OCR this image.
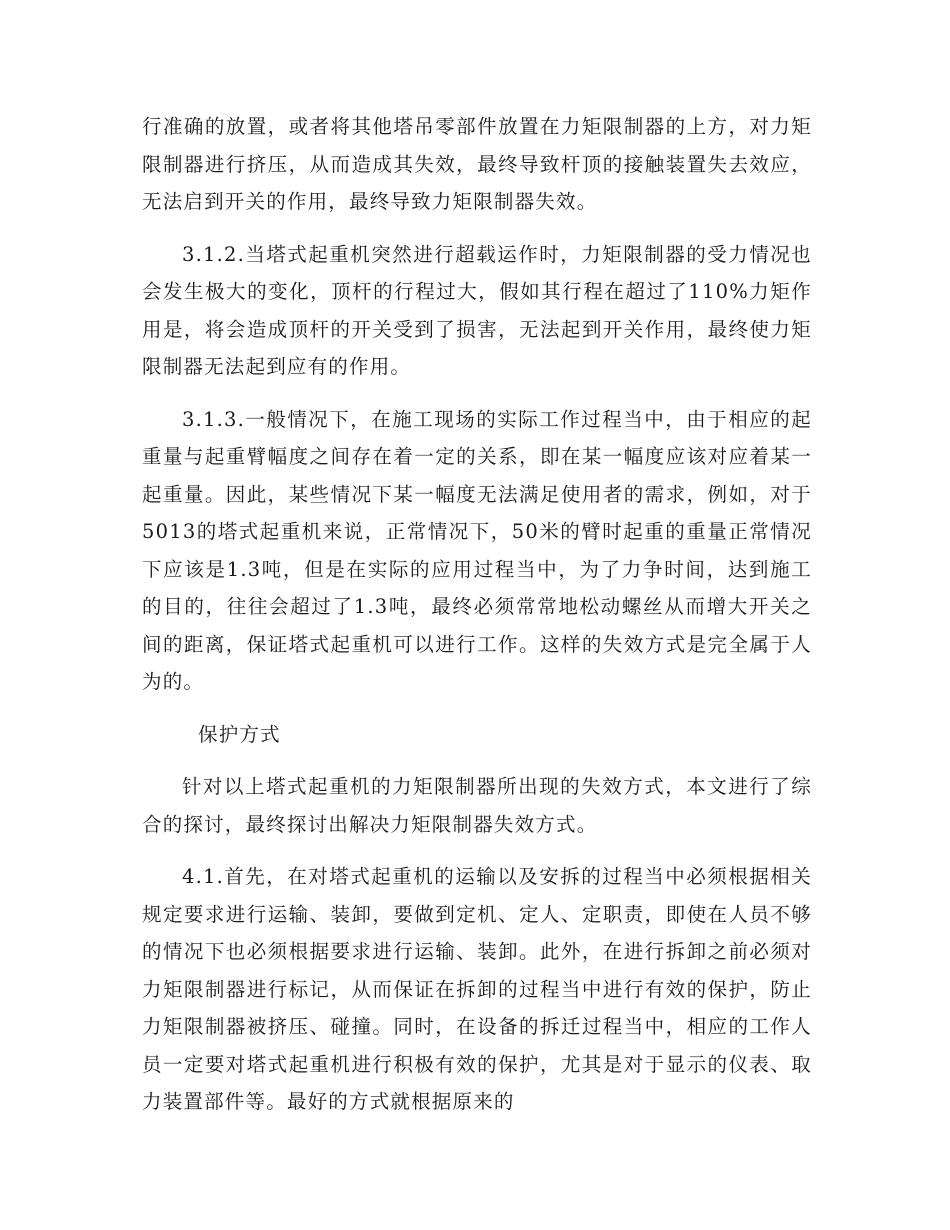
行准确的放置，或者将其他塔吊零部件放置在力矩限制器的上方，对力矩限制器进行挤压，从而造成其失效，最终导致杆顶的接触装置失去效应，无法启到开关的作用，最终导致力矩限制器失效。

3.1.2.当塔式起重机突然进行超载运作时，力矩限制器的受力情况也会发生极大的变化，顶杆的行程过大，假如其行程在超过了110%力矩作用是，将会造成顶杆的开关受到了损害，无法起到开关作用，最终使力矩限制器无法起到应有的作用。

3.1.3.一般情况下，在施工现场的实际工作过程当中，由于相应的起重量与起重臂幅度之间存在着一定的关系，即在某一幅度应该对应着某一起重量。因此，某些情况下某一幅度无法满足使用者的需求，例如，对于5013的塔式起重机来说，正常情况下，50米的臂时起重的重量正常情况下应该是1.3吨，但是在实际的应用过程当中，为了力争时间，达到施工的目的，往往会超过了1.3吨，最终必须常常地松动螺丝从而增大开关之间的距离，保证塔式起重机可以进行工作。这样的失效方式是完全属于人为的。

保护方式

针对以上塔式起重机的力矩限制器所出现的失效方式，本文进行了综合的探讨，最终探讨出解决力矩限制器失效方式。

4.1.首先，在对塔式起重机的运输以及安拆的过程当中必须根据相关规定要求进行运输、装卸，要做到定机、定人、定职责，即使在人员不够的情况下也必须根据要求进行运输、装卸。此外，在进行拆卸之前必须对力矩限制器进行标记，从而保证在拆卸的过程当中进行有效的保护，防止力矩限制器被挤压、碰撞。同时，在设备的拆迁过程当中，相应的工作人员一定要对塔式起重机进行积极有效的保护，尤其是对于显示的仪表、取力装置部件等。最好的方式就根据原来的
